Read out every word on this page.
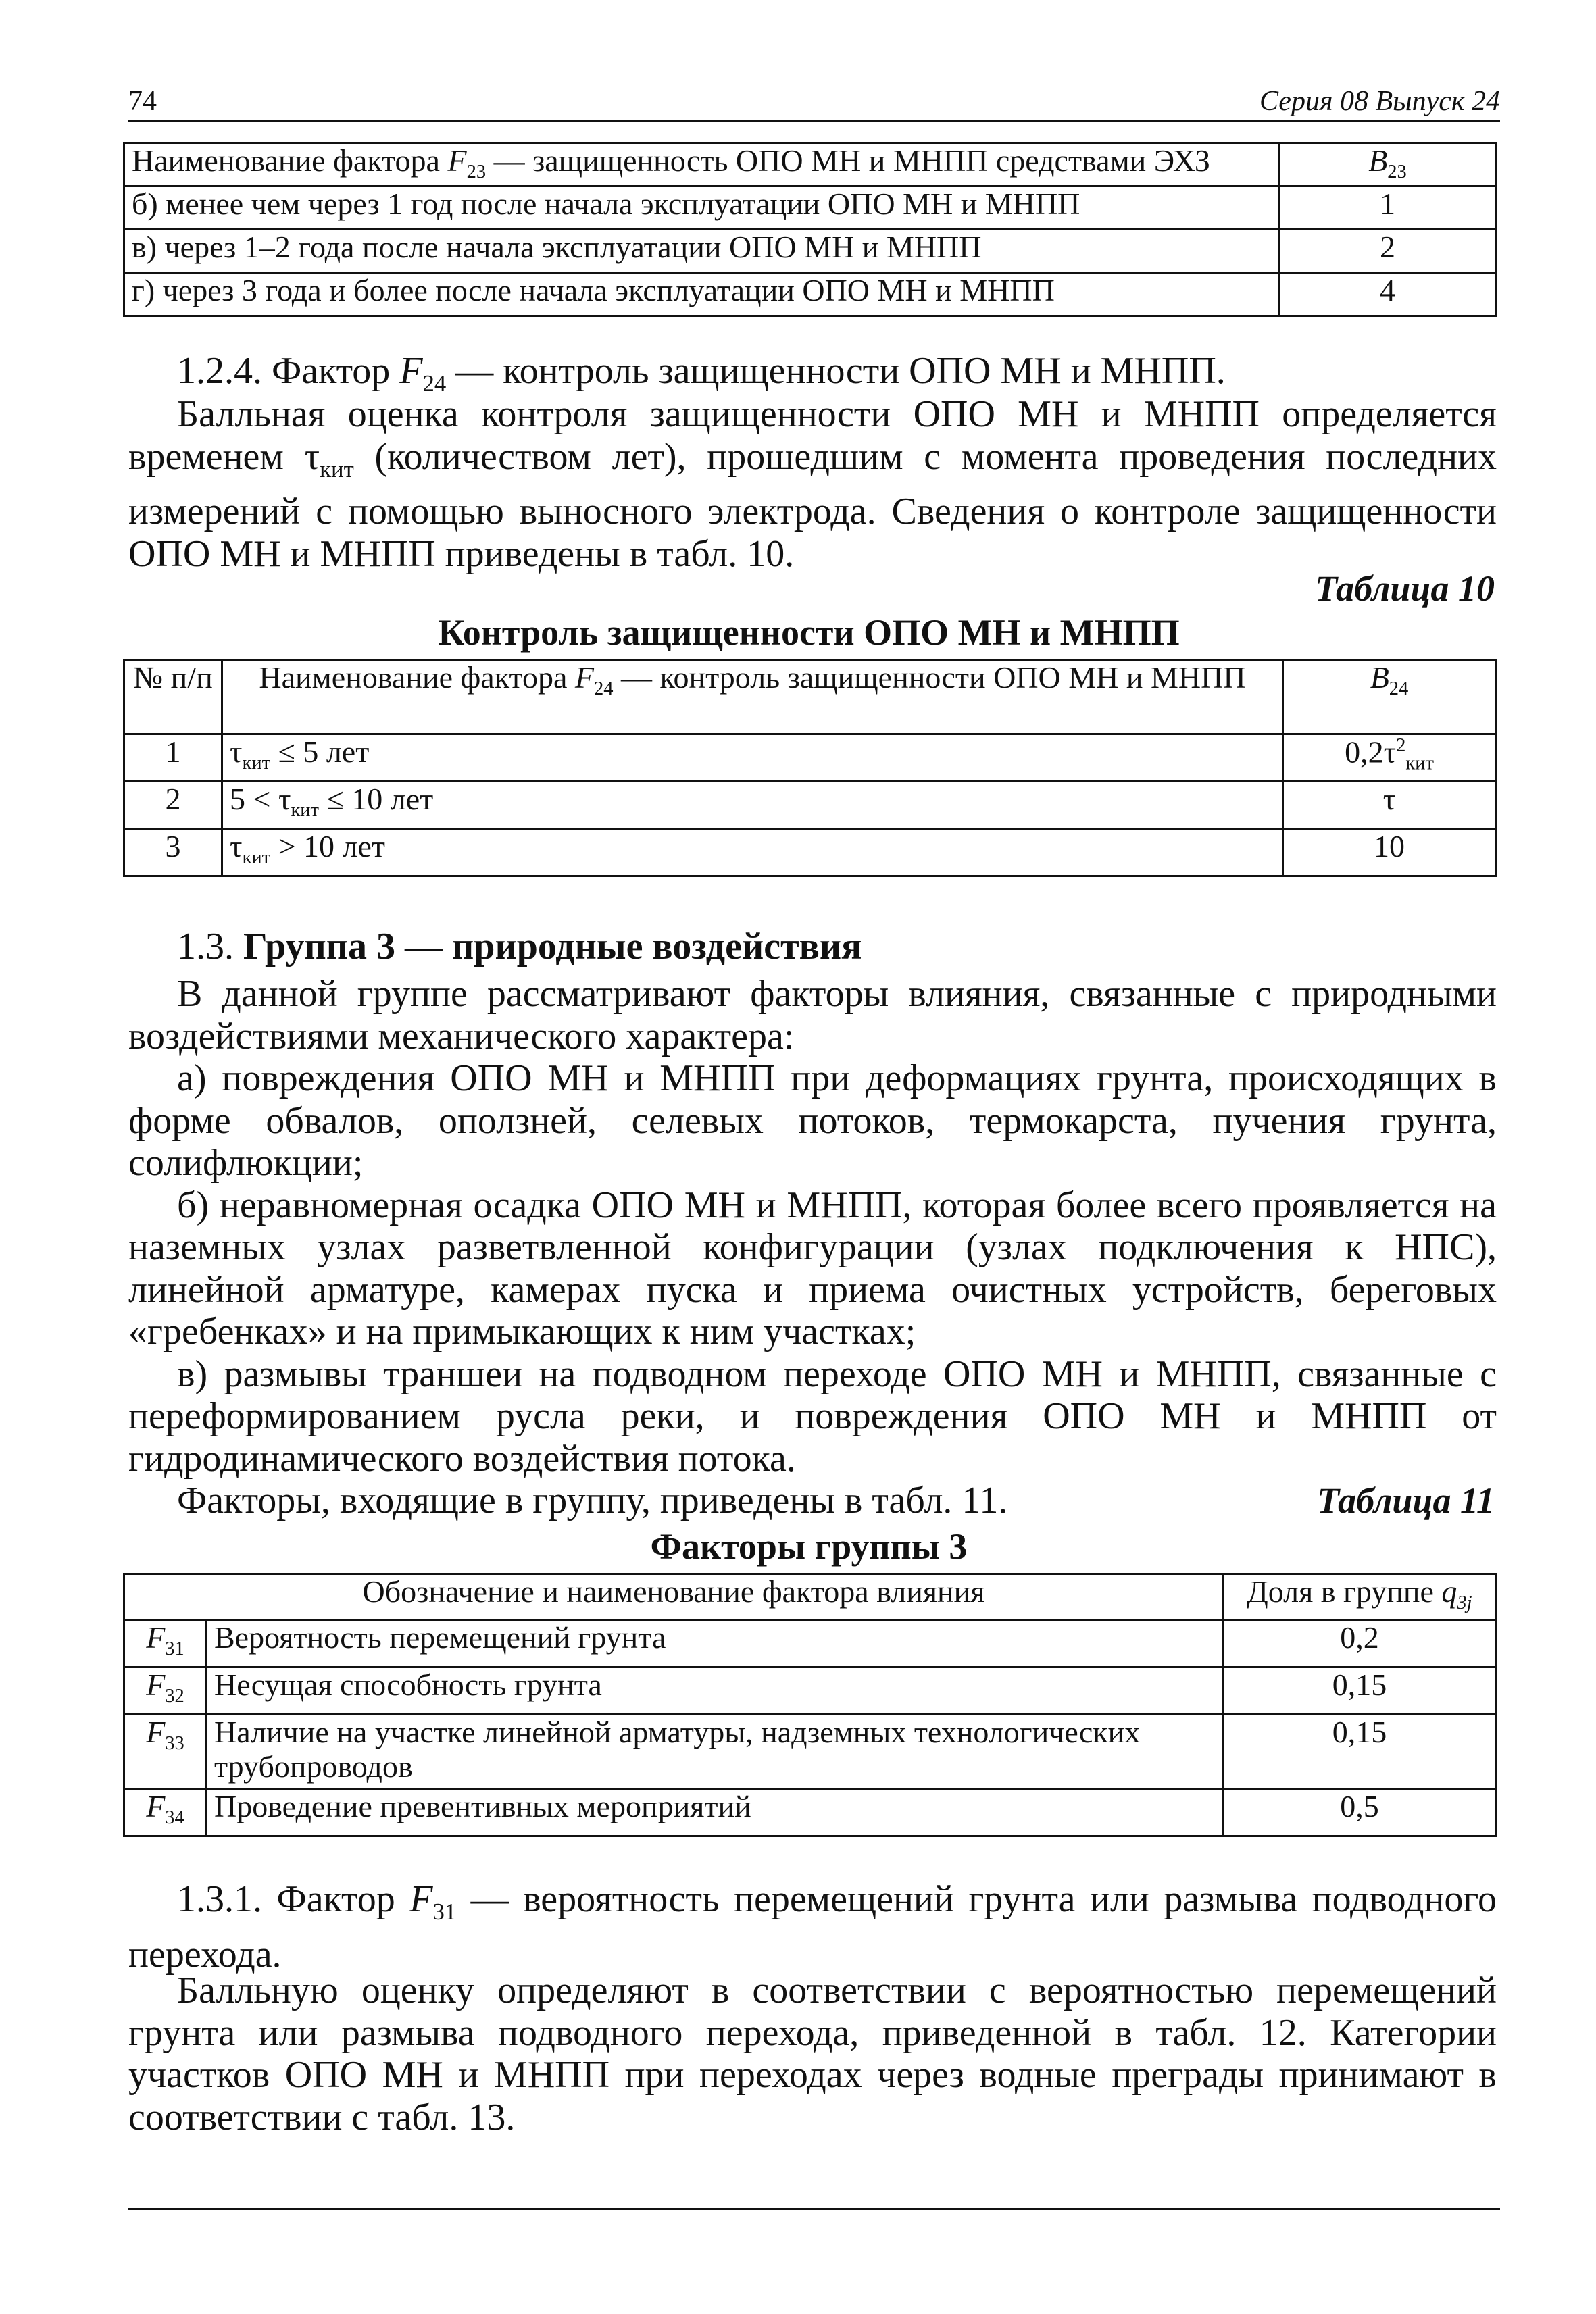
74	Серия 08 Выпуск 24
Наименование фактора $F_{23}$ — защищенность ОПО МН и МНПП средствами ЭХЗ	$B_{23}$
б) менее чем через 1 год после начала эксплуатации ОПО МН и МНПП	1
в) через 1–2 года после начала эксплуатации ОПО МН и МНПП	2
г) через 3 года и более после начала эксплуатации ОПО МН и МНПП	4
1.2.4. Фактор $F_{24}$ — контроль защищенности ОПО МН и МНПП.
Балльная оценка контроля защищенности ОПО МН и МНПП определяется временем $\tau_{кит}$ (количеством лет), прошедшим с момента проведения последних измерений с помощью выносного электрода. Сведения о контроле защищенности ОПО МН и МНПП приведены в табл. 10.
Таблица 10
Контроль защищенности ОПО МН и МНПП
№ п/п	Наименование фактора $F_{24}$ — контроль защищенности ОПО МН и МНПП	$B_{24}$
1	$\tau_{кит} \le 5$ лет	$0,2\tau^2_{кит}$
2	$5 < \tau_{кит} \le 10$ лет	τ
3	$\tau_{кит} > 10$ лет	10
1.3. Группа 3 — природные воздействия
В данной группе рассматривают факторы влияния, связанные с природными воздействиями механического характера:
а) повреждения ОПО МН и МНПП при деформациях грунта, происходящих в форме обвалов, оползней, селевых потоков, термокарста, пучения грунта, солифлюкции;
б) неравномерная осадка ОПО МН и МНПП, которая более всего проявляется на наземных узлах разветвленной конфигурации (узлах подключения к НПС), линейной арматуре, камерах пуска и приема очистных устройств, береговых «гребенках» и на примыкающих к ним участках;
в) размывы траншеи на подводном переходе ОПО МН и МНПП, связанные с переформированием русла реки, и повреждения ОПО МН и МНПП от гидродинамического воздействия потока.
Факторы, входящие в группу, приведены в табл. 11.	Таблица 11
Факторы группы 3
Обозначение и наименование фактора влияния		Доля в группе $q_{3j}$
$F_{31}$	Вероятность перемещений грунта	0,2
$F_{32}$	Несущая способность грунта	0,15
$F_{33}$	Наличие на участке линейной арматуры, надземных технологических трубопроводов	0,15
$F_{34}$	Проведение превентивных мероприятий	0,5
1.3.1. Фактор $F_{31}$ — вероятность перемещений грунта или размыва подводного перехода.
Балльную оценку определяют в соответствии с вероятностью перемещений грунта или размыва подводного перехода, приведенной в табл. 12. Категории участков ОПО МН и МНПП при переходах через водные преграды принимают в соответствии с табл. 13.
